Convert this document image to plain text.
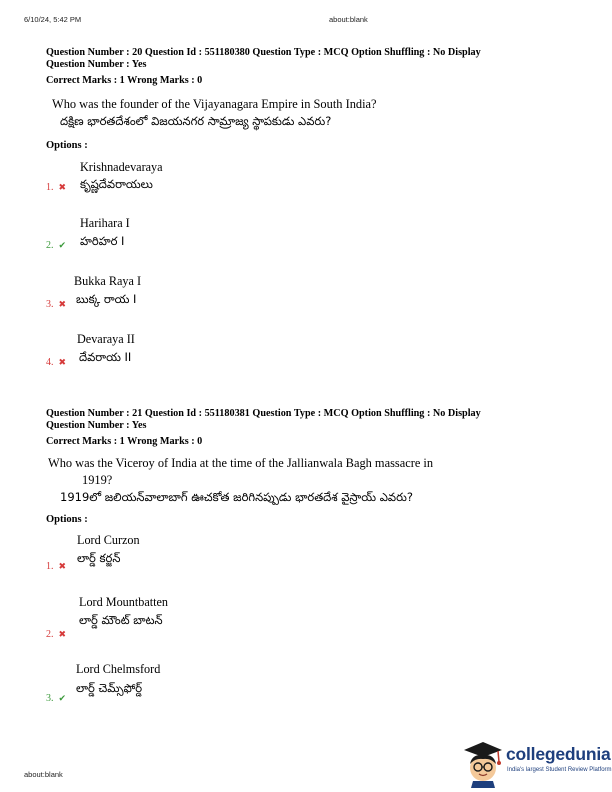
6/10/24, 5:42 PM	about:blank
Question Number : 20 Question Id : 551180380 Question Type : MCQ Option Shuffling : No Display
Question Number : Yes
Correct Marks : 1 Wrong Marks : 0
Who was the founder of the Vijayanagara Empire in South India?
దక్షిణ భారతదేశంలో విజయనగర సామ్రాజ్య స్థాపకుడు ఎవరు?
Options :
Krishnadevaraya
కృష్ణదేవరాయలు
1. ✖
Harihara I
హరిహర I
2. ✔
Bukka Raya I
బుక్క రాయ I
3. ✖
Devaraya II
దేవరాయ II
4. ✖
Question Number : 21 Question Id : 551180381 Question Type : MCQ Option Shuffling : No Display
Question Number : Yes
Correct Marks : 1 Wrong Marks : 0
Who was the Viceroy of India at the time of the Jallianwala Bagh massacre in
1919?
1919లో జలియన్‌వాలాబాగ్ ఊచకోత జరిగినప్పుడు భారతదేశ వైస్రాయ్ ఎవరు?
Options :
Lord Curzon
లార్డ్ కర్జన్
1. ✖
Lord Mountbatten
లార్డ్ మౌంట్ బాటన్
2. ✖
Lord Chelmsford
లార్డ్ చెమ్స్‌ఫోర్డ్
3. ✔
about:blank
collegedunia
India's largest Student Review Platform
